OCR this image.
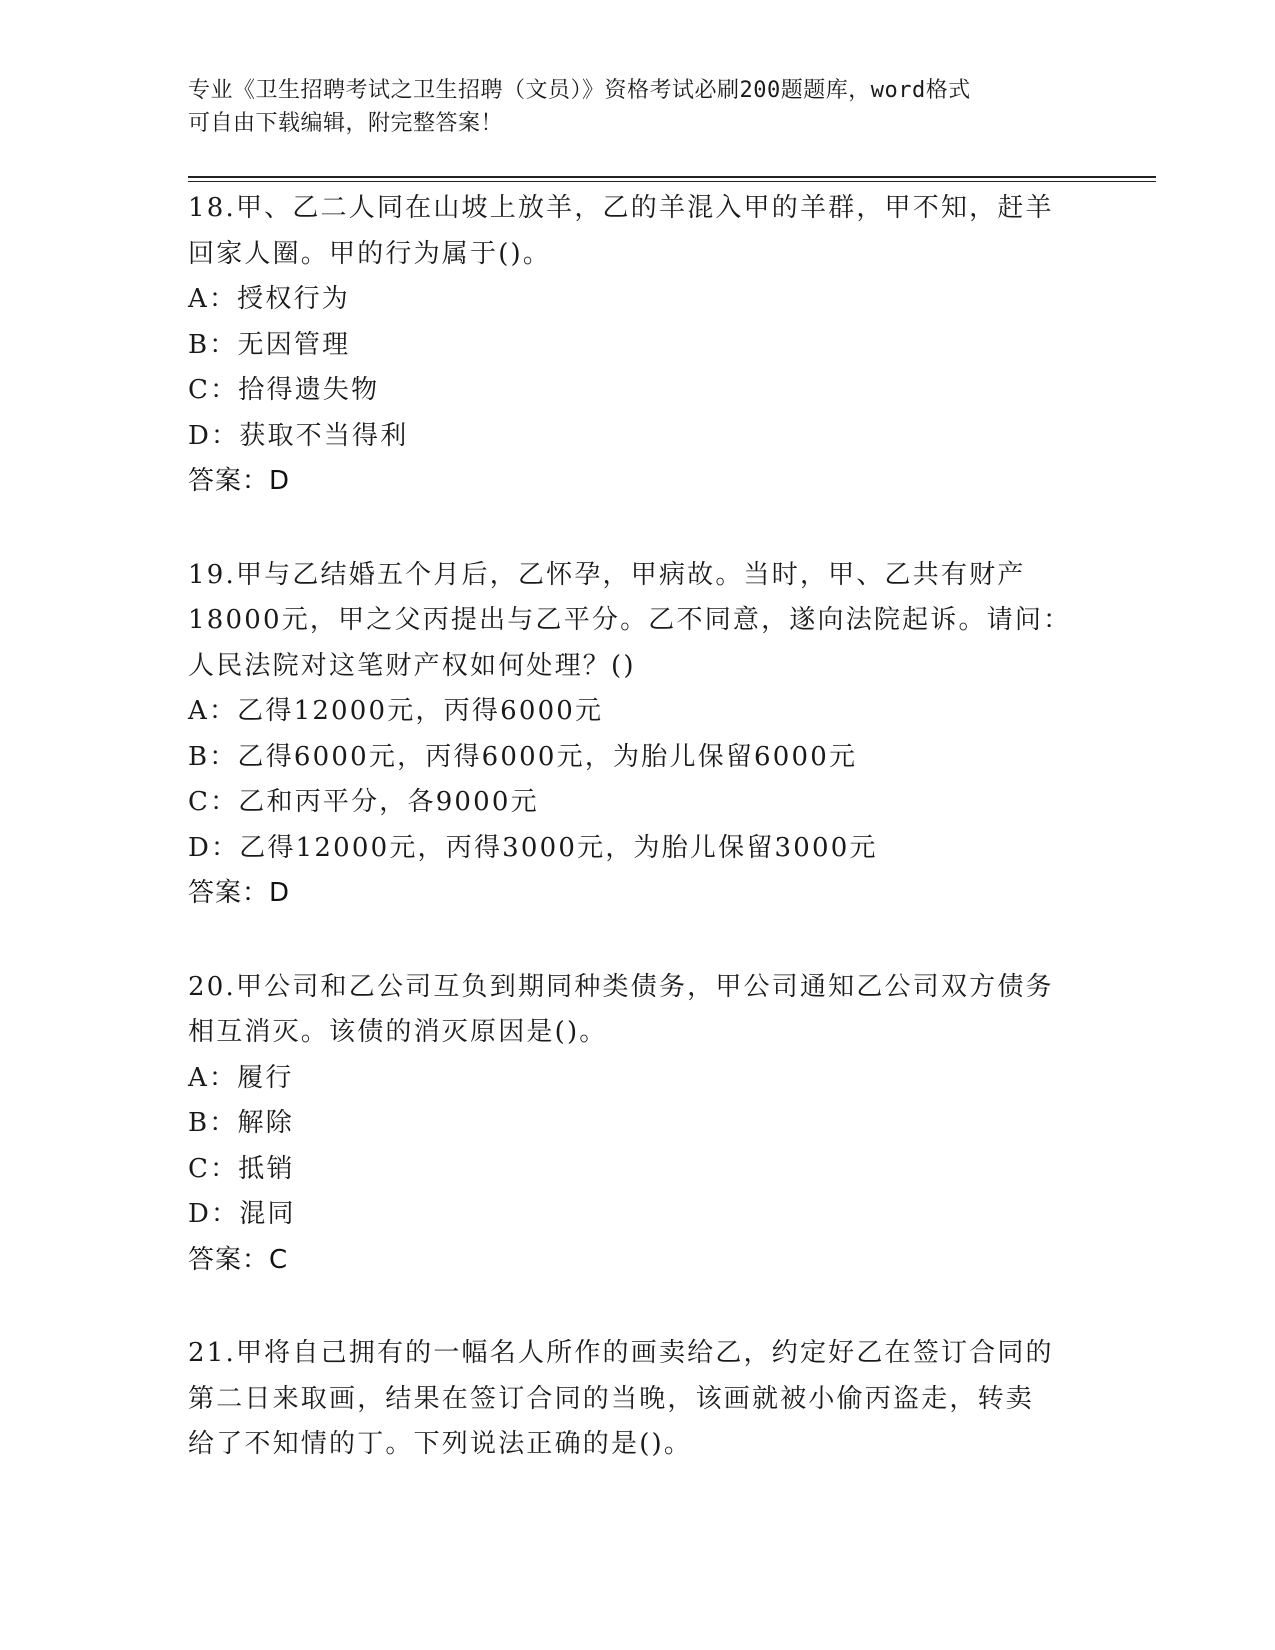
专业《卫生招聘考试之卫生招聘（文员）》资格考试必刷200题题库，word格式
可自由下载编辑，附完整答案！
18.甲、乙二人同在山坡上放羊，乙的羊混入甲的羊群，甲不知，赶羊
回家人圈。甲的行为属于()。
A：授权行为
B：无因管理
C：拾得遗失物
D：获取不当得利
答案：D
19.甲与乙结婚五个月后，乙怀孕，甲病故。当时，甲、乙共有财产
18000元，甲之父丙提出与乙平分。乙不同意，遂向法院起诉。请问：
人民法院对这笔财产权如何处理？()
A：乙得12000元，丙得6000元
B：乙得6000元，丙得6000元，为胎儿保留6000元
C：乙和丙平分，各9000元
D：乙得12000元，丙得3000元，为胎儿保留3000元
答案：D
20.甲公司和乙公司互负到期同种类债务，甲公司通知乙公司双方债务
相互消灭。该债的消灭原因是()。
A：履行
B：解除
C：抵销
D：混同
答案：C
21.甲将自己拥有的一幅名人所作的画卖给乙，约定好乙在签订合同的
第二日来取画，结果在签订合同的当晚，该画就被小偷丙盗走，转卖
给了不知情的丁。下列说法正确的是()。
